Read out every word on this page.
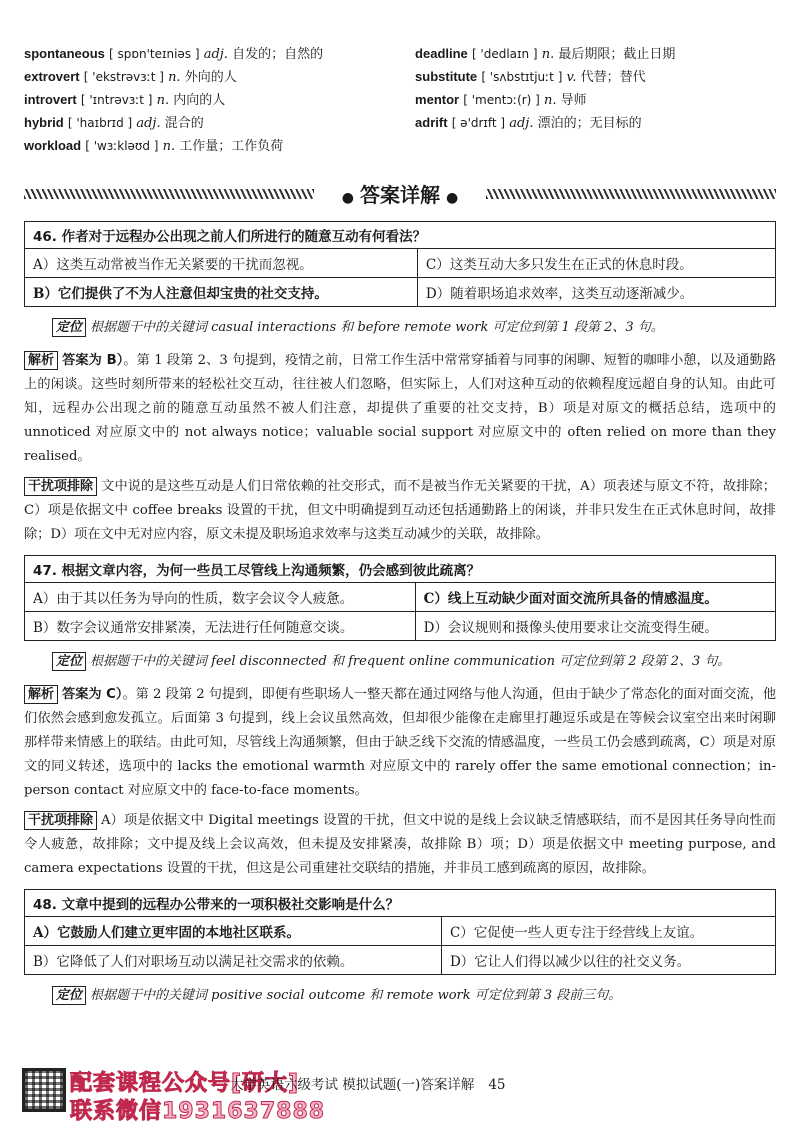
spontaneous [ spɒn'teɪniəs ] adj. 自发的；自然的
extrovert [ 'ekstrəvɜːt ] n. 外向的人
introvert [ 'ɪntrəvɜːt ] n. 内向的人
hybrid [ 'haɪbrɪd ] adj. 混合的
workload [ 'wɜːkləʊd ] n. 工作量；工作负荷
deadline [ 'dedlaɪn ] n. 最后期限；截止日期
substitute [ 'sʌbstɪtjuːt ] v. 代替；替代
mentor [ 'mentɔː(r) ] n. 导师
adrift [ ə'drɪft ] adj. 漂泊的；无目标的
● 答案详解 ●
46. 作者对于远程办公出现之前人们所进行的随意互动有何看法？	
A）这类互动常被当作无关紧要的干扰而忽视。	C）这类互动大多只发生在正式的休息时段。
B）它们提供了不为人注意但却宝贵的社交支持。	D）随着职场追求效率，这类互动逐渐减少。
定位 根据题干中的关键词 casual interactions 和 before remote work 可定位到第 1 段第 2、3 句。

解析 答案为 B）。第 1 段第 2、3 句提到，疫情之前，日常工作生活中常常穿插着与同事的闲聊、短暂的咖啡小憩，以及通勤路上的闲谈。这些时刻所带来的轻松社交互动，往往被人们忽略，但实际上，人们对这种互动的依赖程度远超自身的认知。由此可知，远程办公出现之前的随意互动虽然不被人们注意，却提供了重要的社交支持，B）项是对原文的概括总结，选项中的 unnoticed 对应原文中的 not always notice；valuable social support 对应原文中的 often relied on more than they realised。

干扰项排除 文中说的是这些互动是人们日常依赖的社交形式，而不是被当作无关紧要的干扰，A）项表述与原文不符，故排除；C）项是依据文中 coffee breaks 设置的干扰，但文中明确提到互动还包括通勤路上的闲谈，并非只发生在正式休息时间，故排除；D）项在文中无对应内容，原文未提及职场追求效率与这类互动减少的关联，故排除。

47. 根据文章内容，为何一些员工尽管线上沟通频繁，仍会感到彼此疏离？	
A）由于其以任务为导向的性质，数字会议令人疲惫。	C）线上互动缺少面对面交流所具备的情感温度。
B）数字会议通常安排紧凑，无法进行任何随意交谈。	D）会议规则和摄像头使用要求让交流变得生硬。
定位 根据题干中的关键词 feel disconnected 和 frequent online communication 可定位到第 2 段第 2、3 句。

解析 答案为 C）。第 2 段第 2 句提到，即便有些职场人一整天都在通过网络与他人沟通，但由于缺少了常态化的面对面交流，他们依然会感到愈发孤立。后面第 3 句提到，线上会议虽然高效，但却很少能像在走廊里打趣逗乐或是在等候会议室空出来时闲聊那样带来情感上的联结。由此可知，尽管线上沟通频繁，但由于缺乏线下交流的情感温度，一些员工仍会感到疏离，C）项是对原文的同义转述，选项中的 lacks the emotional warmth 对应原文中的 rarely offer the same emotional connection；in-person contact 对应原文中的 face-to-face moments。

干扰项排除 A）项是依据文中 Digital meetings 设置的干扰，但文中说的是线上会议缺乏情感联结，而不是因其任务导向性而令人疲惫，故排除；文中提及线上会议高效，但未提及安排紧凑，故排除 B）项；D）项是依据文中 meeting purpose, and camera expectations 设置的干扰，但这是公司重建社交联结的措施，并非员工感到疏离的原因，故排除。

48. 文章中提到的远程办公带来的一项积极社交影响是什么？	
A）它鼓励人们建立更牢固的本地社区联系。	C）它促使一些人更专注于经营线上友谊。
B）它降低了人们对职场互动以满足社交需求的依赖。	D）它让人们得以减少以往的社交义务。
定位 根据题干中的关键词 positive social outcome 和 remote work 可定位到第 3 段前三句。
配套课程公众号[研大]
联系微信1931637888
大学英语六级考试 模拟试题(一)答案详解 45
